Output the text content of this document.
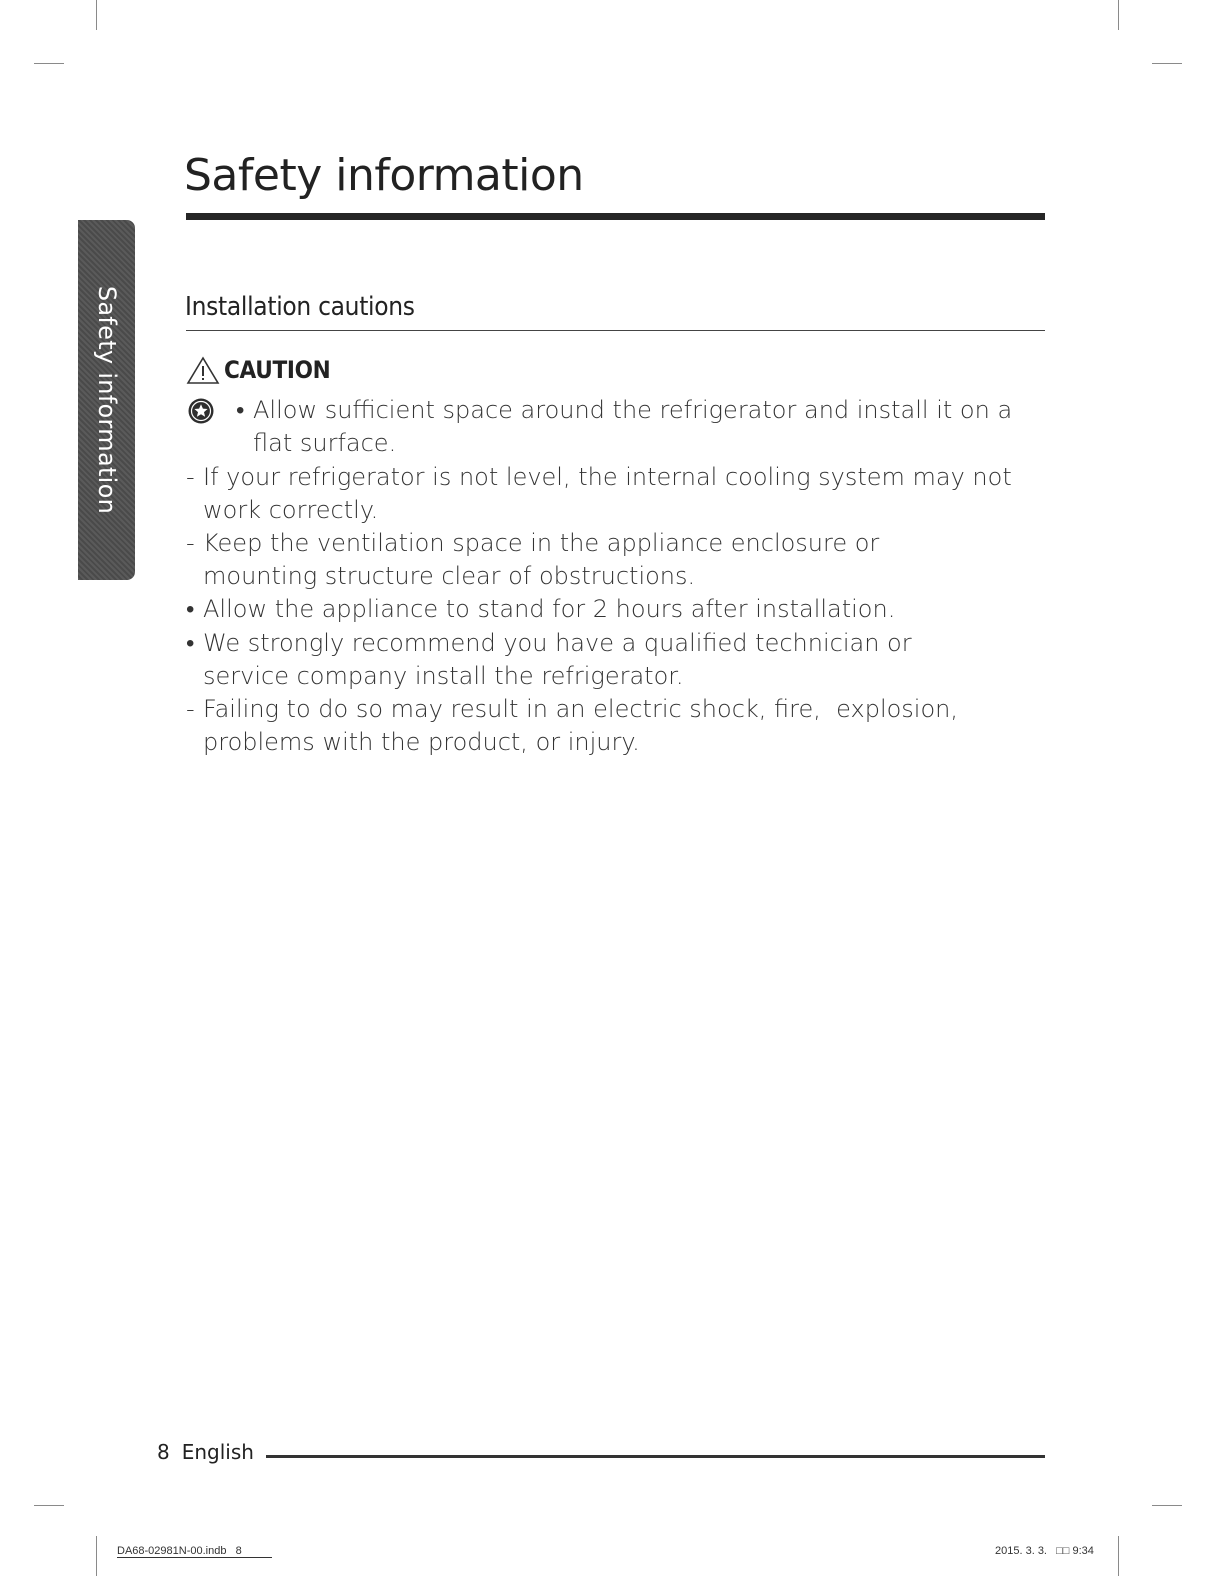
Safety information
Safety information
Installation cautions
CAUTION
• Allow sufficient space around the refrigerator and install it on a flat surface.
- If your refrigerator is not level, the internal cooling system may not work correctly.
- Keep the ventilation space in the appliance enclosure or mounting structure clear of obstructions.
• Allow the appliance to stand for 2 hours after installation.
• We strongly recommend you have a qualified technician or service company install the refrigerator.
- Failing to do so may result in an electric shock, fire,  explosion, problems with the product, or injury.
8 English
DA68-02981N-00.indb   8	2015. 3. 3.   □□ 9:34
